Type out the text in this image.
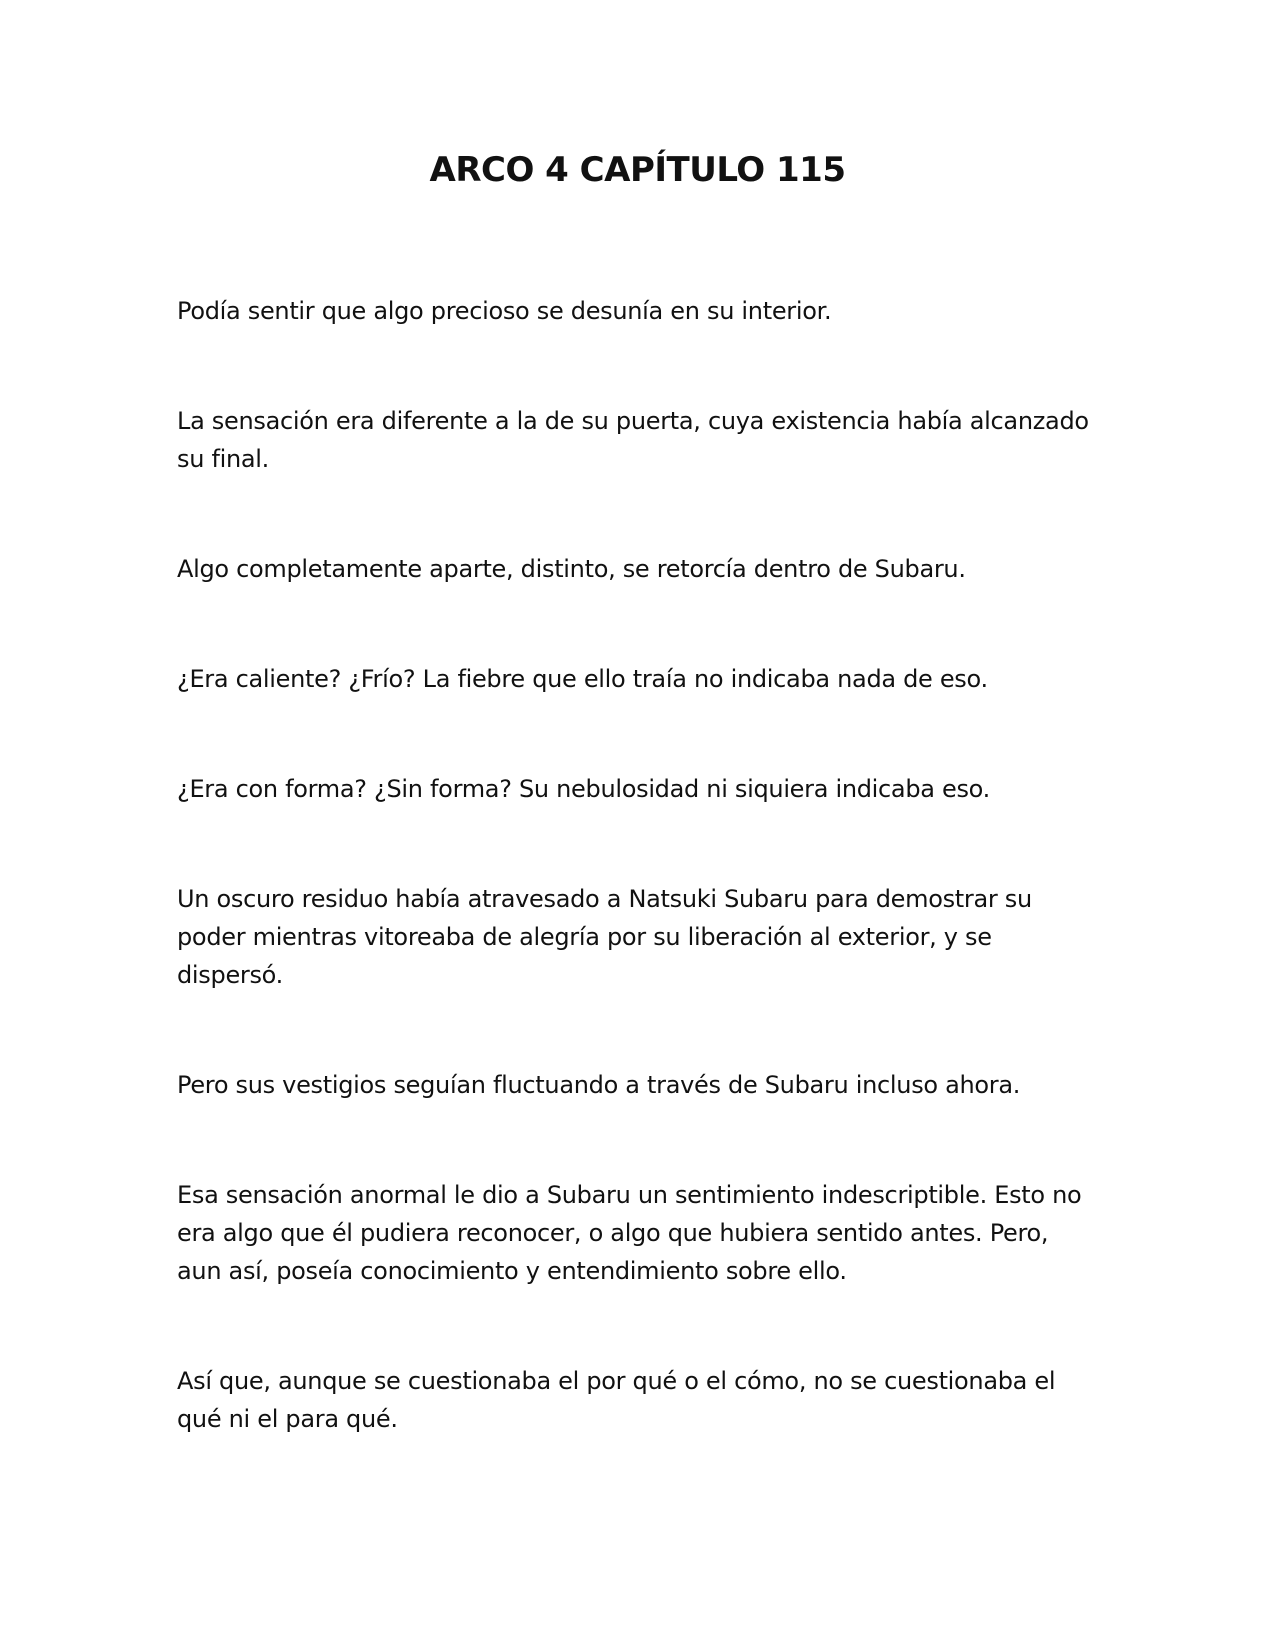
ARCO 4 CAPÍTULO 115

Podía sentir que algo precioso se desunía en su interior.

La sensación era diferente a la de su puerta, cuya existencia había alcanzado su final.

Algo completamente aparte, distinto, se retorcía dentro de Subaru.

¿Era caliente? ¿Frío? La fiebre que ello traía no indicaba nada de eso.

¿Era con forma? ¿Sin forma? Su nebulosidad ni siquiera indicaba eso.

Un oscuro residuo había atravesado a Natsuki Subaru para demostrar su poder mientras vitoreaba de alegría por su liberación al exterior, y se dispersó.

Pero sus vestigios seguían fluctuando a través de Subaru incluso ahora.

Esa sensación anormal le dio a Subaru un sentimiento indescriptible. Esto no era algo que él pudiera reconocer, o algo que hubiera sentido antes. Pero, aun así, poseía conocimiento y entendimiento sobre ello.

Así que, aunque se cuestionaba el por qué o el cómo, no se cuestionaba el qué ni el para qué.
